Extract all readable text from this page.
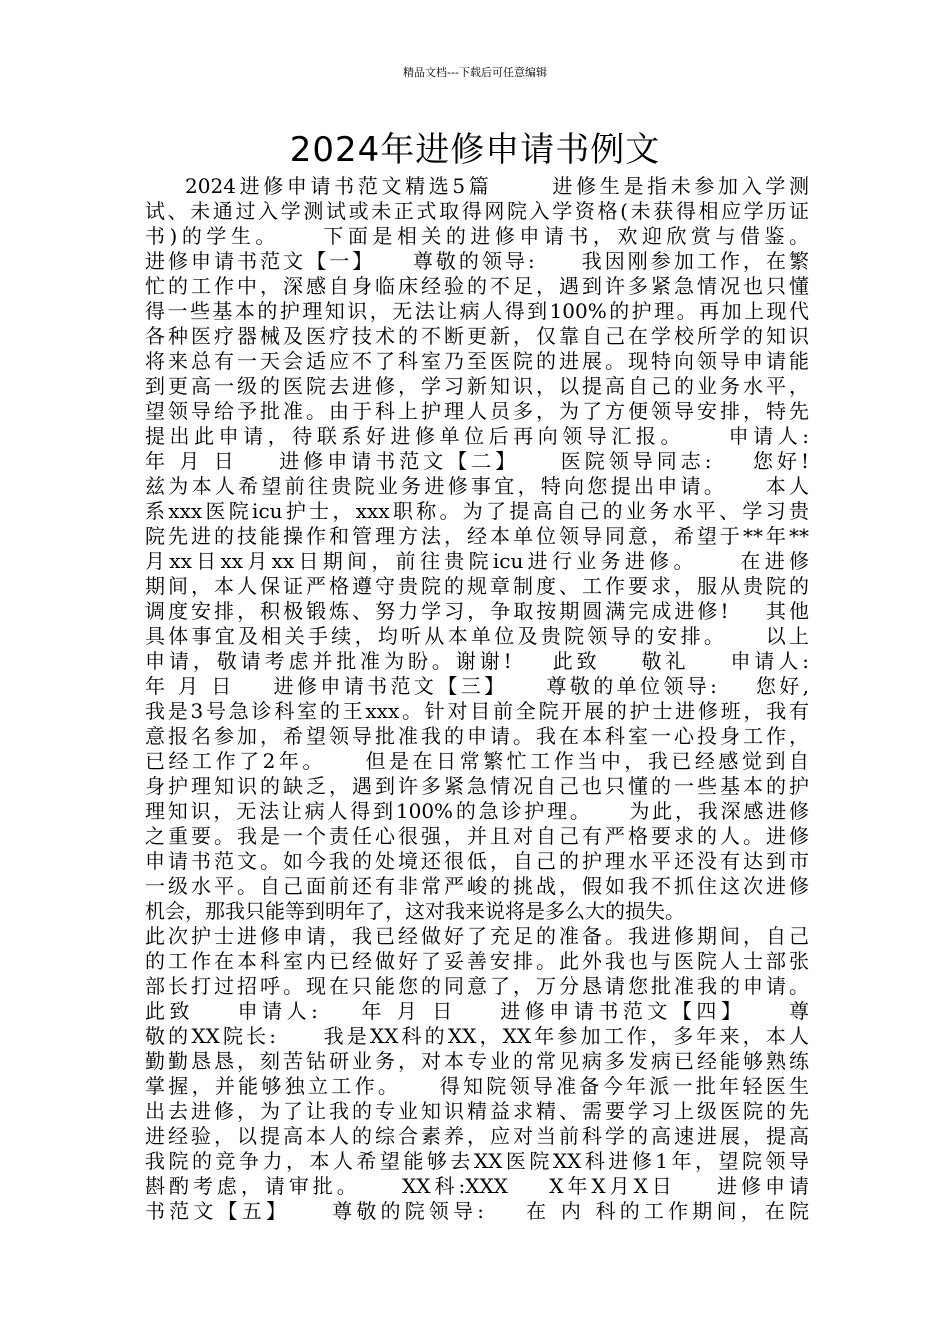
精品文档---下载后可任意编辑
2024年进修申请书例文
2024进修申请书范文精选5篇      进修生是指未参加入学测
试、未通过入学测试或未正式取得网院入学资格(未获得相应学历证
书)的学生。    下面是相关的进修申请书，欢迎欣赏与借鉴。
进修申请书范文【一】    尊敬的领导:     我因刚参加工作，在繁
忙的工作中，深感自身临床经验的不足，遇到许多紧急情况也只懂
得一些基本的护理知识，无法让病人得到100%的护理。再加上现代
各种医疗器械及医疗技术的不断更新，仅靠自己在学校所学的知识
将来总有一天会适应不了科室乃至医院的进展。现特向领导申请能
到更高一级的医院去进修，学习新知识，以提高自己的业务水平，
望领导给予批准。由于科上护理人员多，为了方便领导安排，特先
提出此申请，待联系好进修单位后再向领导汇报。    申请人:
年 月 日    进修申请书范文【二】    医院领导同志:    您好!
兹为本人希望前往贵院业务进修事宜，特向您提出申请。    本人
系xxx医院icu护士，xxx职称。为了提高自己的业务水平、学习贵
院先进的技能操作和管理方法，经本单位领导同意，希望于**年**
月xx日xx月xx日期间，前往贵院icu进行业务进修。    在进修
期间，本人保证严格遵守贵院的规章制度、工作要求，服从贵院的
调度安排，积极锻炼、努力学习，争取按期圆满完成进修!    其他
具体事宜及相关手续，均听从本单位及贵院领导的安排。    以上
申请，敬请考虑并批准为盼。谢谢!    此致    敬礼    申请人:
年 月 日    进修申请书范文【三】    尊敬的单位领导:    您好,
我是3号急诊科室的王xxx。针对目前全院开展的护士进修班，我有
意报名参加，希望领导批准我的申请。我在本科室一心投身工作，
已经工作了2年。    但是在日常繁忙工作当中，我已经感觉到自
身护理知识的缺乏，遇到许多紧急情况自己也只懂的一些基本的护
理知识，无法让病人得到100%的急诊护理。    为此，我深感进修
之重要。我是一个责任心很强，并且对自己有严格要求的人。进修
申请书范文。如今我的处境还很低，自己的护理水平还没有达到市
一级水平。自己面前还有非常严峻的挑战，假如我不抓住这次进修
机会，那我只能等到明年了，这对我来说将是多么大的损失。
此次护士进修申请，我已经做好了充足的准备。我进修期间，自己
的工作在本科室内已经做好了妥善安排。此外我也与医院人士部张
部长打过招呼。现在只能您的同意了，万分恳请您批准我的申请。
此致    申请人:    年 月 日    进修申请书范文【四】    尊
敬的XX院长:     我是XX科的XX，XX年参加工作，多年来，本人
勤勤恳恳，刻苦钻研业务，对本专业的常见病多发病已经能够熟练
掌握，并能够独立工作。    得知院领导准备今年派一批年轻医生
出去进修，为了让我的专业知识精益求精、需要学习上级医院的先
进经验，以提高本人的综合素养，应对当前科学的高速进展，提高
我院的竞争力，本人希望能够去XX医院XX科进修1年，望院领导
斟酌考虑，请审批。    XX科:XXX    X年X月X日    进修申请
书范文【五】    尊敬的院领导:    在 内 科的工作期间，在院
